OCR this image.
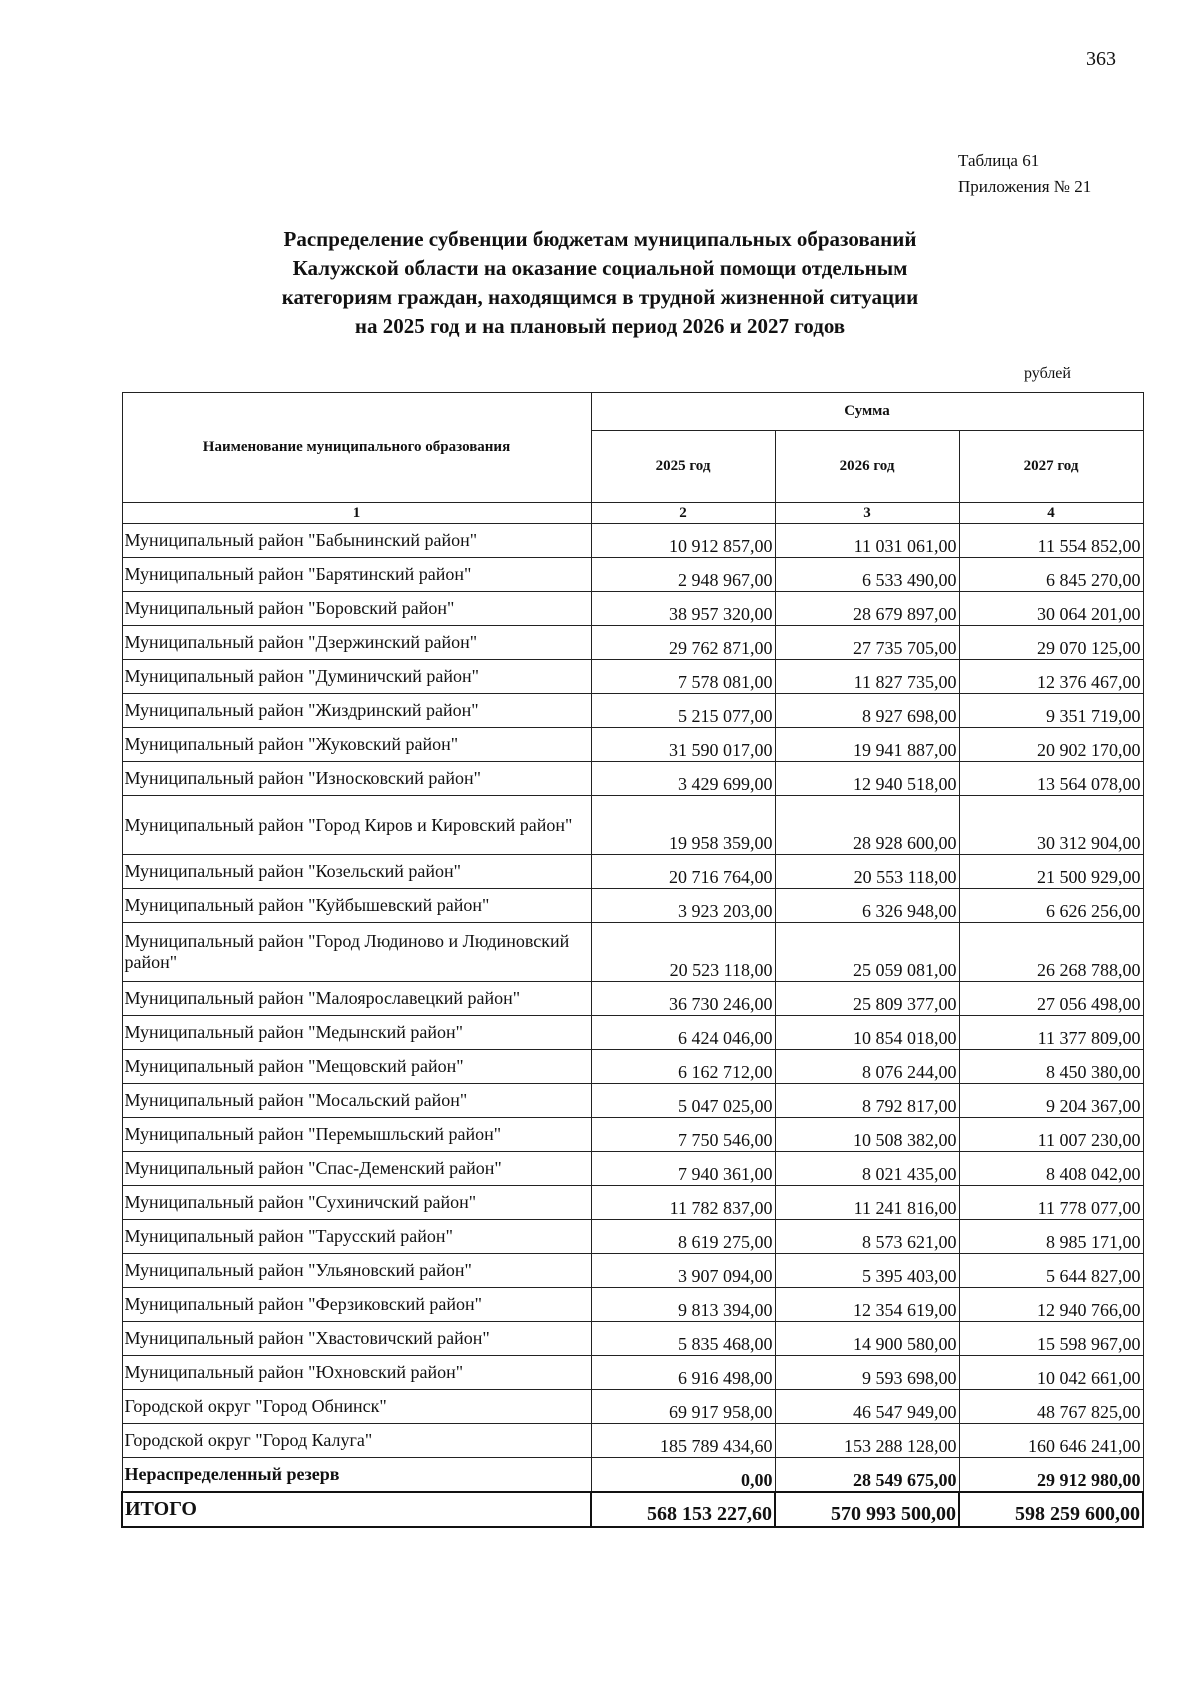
363
Таблица 61
Приложения № 21
Распределение субвенции бюджетам муниципальных образований
Калужской области на оказание социальной помощи отдельным
категориям граждан, находящимся в трудной жизненной ситуации
на 2025 год и на плановый период 2026 и 2027 годов
рублей
Наименование муниципального образования	Сумма		
	2025 год	2026 год	2027 год
1	2	3	4
Муниципальный район "Бабынинский район"	10 912 857,00	11 031 061,00	11 554 852,00
Муниципальный район "Барятинский район"	2 948 967,00	6 533 490,00	6 845 270,00
Муниципальный район "Боровский район"	38 957 320,00	28 679 897,00	30 064 201,00
Муниципальный район "Дзержинский район"	29 762 871,00	27 735 705,00	29 070 125,00
Муниципальный район "Думиничский район"	7 578 081,00	11 827 735,00	12 376 467,00
Муниципальный район "Жиздринский район"	5 215 077,00	8 927 698,00	9 351 719,00
Муниципальный район "Жуковский район"	31 590 017,00	19 941 887,00	20 902 170,00
Муниципальный район "Износковский район"	3 429 699,00	12 940 518,00	13 564 078,00
Муниципальный район "Город Киров и Кировский район"	19 958 359,00	28 928 600,00	30 312 904,00
Муниципальный район "Козельский район"	20 716 764,00	20 553 118,00	21 500 929,00
Муниципальный район "Куйбышевский район"	3 923 203,00	6 326 948,00	6 626 256,00
Муниципальный район "Город Людиново и Людиновский район"	20 523 118,00	25 059 081,00	26 268 788,00
Муниципальный район "Малоярославецкий район"	36 730 246,00	25 809 377,00	27 056 498,00
Муниципальный район "Медынский район"	6 424 046,00	10 854 018,00	11 377 809,00
Муниципальный район "Мещовский район"	6 162 712,00	8 076 244,00	8 450 380,00
Муниципальный район "Мосальский район"	5 047 025,00	8 792 817,00	9 204 367,00
Муниципальный район "Перемышльский район"	7 750 546,00	10 508 382,00	11 007 230,00
Муниципальный район "Спас-Деменский район"	7 940 361,00	8 021 435,00	8 408 042,00
Муниципальный район "Сухиничский район"	11 782 837,00	11 241 816,00	11 778 077,00
Муниципальный район "Тарусский район"	8 619 275,00	8 573 621,00	8 985 171,00
Муниципальный район "Ульяновский район"	3 907 094,00	5 395 403,00	5 644 827,00
Муниципальный район "Ферзиковский район"	9 813 394,00	12 354 619,00	12 940 766,00
Муниципальный район "Хвастовичский район"	5 835 468,00	14 900 580,00	15 598 967,00
Муниципальный район "Юхновский район"	6 916 498,00	9 593 698,00	10 042 661,00
Городской округ "Город Обнинск"	69 917 958,00	46 547 949,00	48 767 825,00
Городской округ "Город Калуга"	185 789 434,60	153 288 128,00	160 646 241,00
Нераспределенный резерв	0,00	28 549 675,00	29 912 980,00
ИТОГО	568 153 227,60	570 993 500,00	598 259 600,00
